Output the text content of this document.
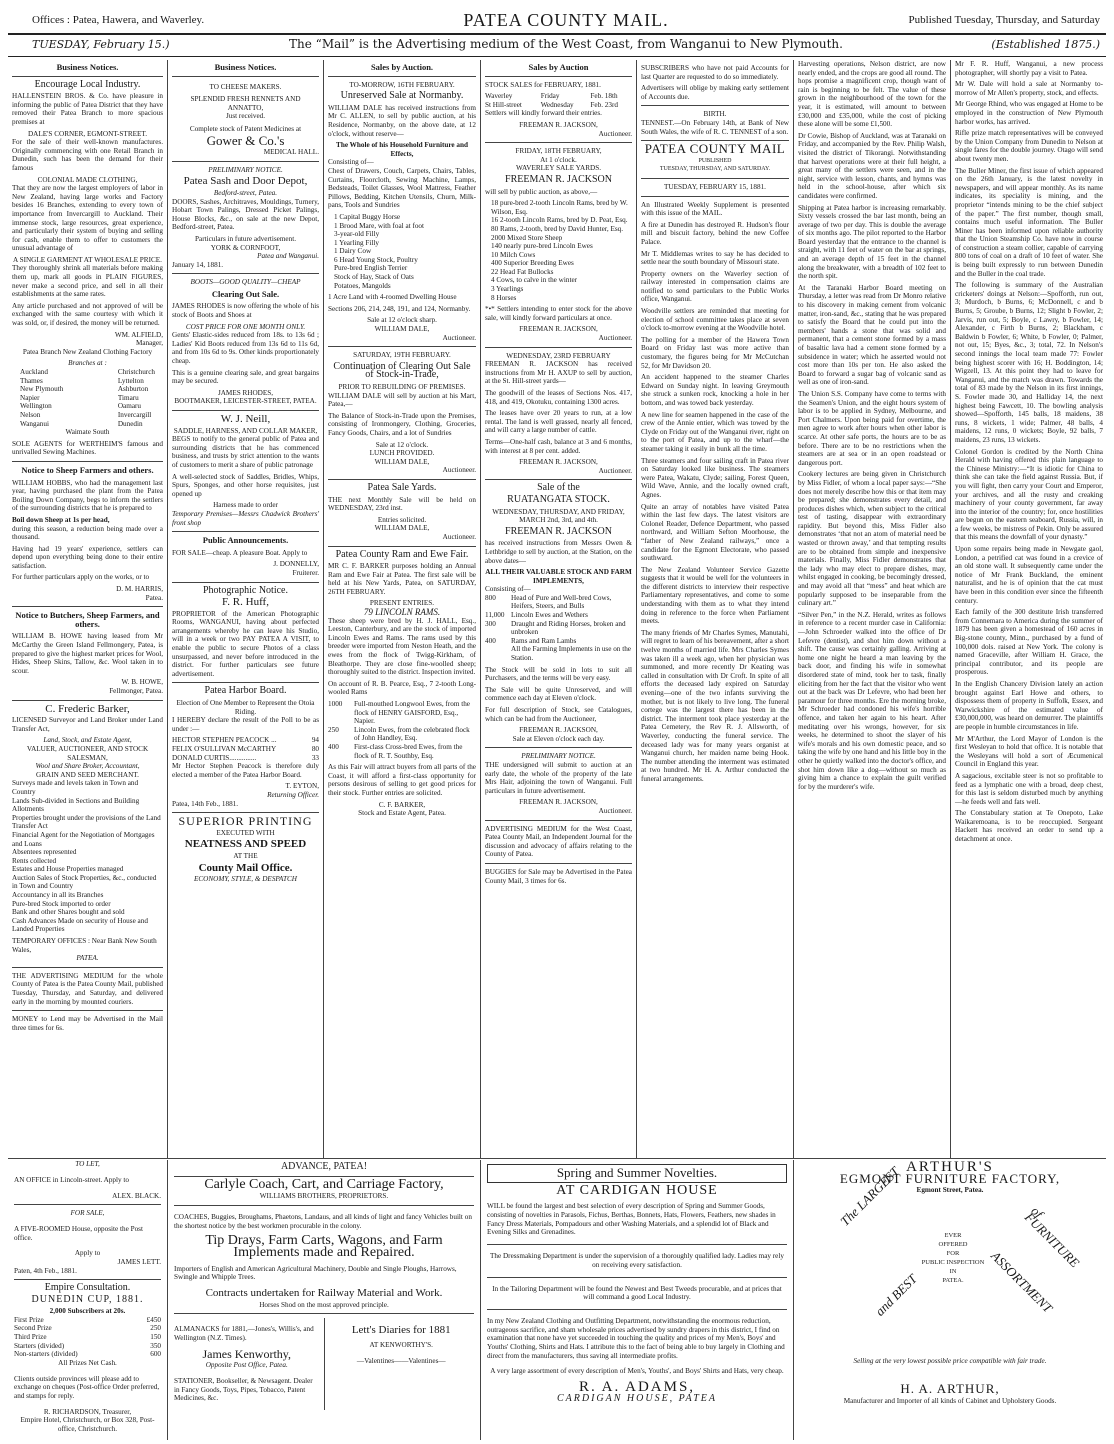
Offices : Patea, Hawera, and Waverley.	PATEA COUNTY MAIL.	Published Tuesday, Thursday, and Saturday
TUESDAY, February 15.)	The “Mail” is the Advertising medium of the West Coast, from Wanganui to New Plymouth.	(Established 1875.)
Business Notices.
Encourage Local Industry.

HALLENSTEIN BROS. & Co. have pleasure in informing the public of Patea District that they have removed their Patea Branch to more spacious premises at

DALE'S CORNER, EGMONT-STREET.

For the sale of their well-known manufactures. Originally commencing with one Retail Branch in Dunedin, such has been the demand for their famous

COLONIAL MADE CLOTHING,

That they are now the largest employers of labor in New Zealand, having large works and Factory besides 16 Branches, extending to every town of importance from Invercargill to Auckland. Their immense stock, large resources, great experience, and particularly their system of buying and selling for cash, enable them to offer to customers the unusual advantage of

A SINGLE GARMENT AT WHOLESALE PRICE.

They thoroughly shrink all materials before making them up, mark all goods in PLAIN FIGURES, never make a second price, and sell in all their establishments at the same rates.

Any article purchased and not approved of will be exchanged with the same courtesy with which it was sold, or, if desired, the money will be returned.

WM. ALFIELD,
Manager,
Patea Branch New Zealand Clothing Factory
Branches at :
Auckland
Thames
New Plymouth
Napier
Wellington
Nelson
Wanganui
Christchurch
Lyttelton
Ashburton
Timaru
Oamaru
Invercargill
Dunedin
Waimate South

SOLE AGENTS for WERTHEIM'S famous and unrivalled Sewing Machines.

Notice to Sheep Farmers and others.

WILLIAM HOBBS, who had the management last year, having purchased the plant from the Patea Boiling Down Company, begs to inform the settlers of the surrounding districts that he is prepared to

Boil down Sheep at 1s per head,

during this season, a reduction being made over a thousand.

Having had 19 years' experience, settlers can depend upon everything being done to their entire satisfaction.

For further particulars apply on the works, or to

D. M. HARRIS,
Patea.
Notice to Butchers, Sheep Farmers, and others.

WILLIAM B. HOWE having leased from Mr McCarthy the Green Island Fellmongery, Patea, is prepared to give the highest market prices for Wool, Hides, Sheep Skins, Tallow, &c. Wool taken in to scour.

W. B. HOWE,
Fellmonger, Patea.
C. Frederic Barker,

LICENSED Surveyor and Land Broker under Land Transfer Act,

Land, Stock, and Estate Agent,
VALUER, AUCTIONEER, AND STOCK SALESMAN,
Wool and Share Broker, Accountant,
GRAIN AND SEED MERCHANT.
Surveys made and levels taken in Town and Country
Lands Sub-divided in Sections and Building Allotments
Properties brought under the provisions of the Land Transfer Act
Financial Agent for the Negotiation of Mortgages and Loans
Absentees represented
Rents collected
Estates and House Properties managed
Auction Sales of Stock Properties, &c., conducted in Town and Country
Accountancy in all its Branches
Pure-bred Stock imported to order
Bank and other Shares bought and sold
Cash Advances Made on security of House and Landed Properties
TEMPORARY OFFICES : Near Bank New South Wales,
PATEA.

THE ADVERTISING MEDIUM for the whole County of Patea is the Patea County Mail, published Tuesday, Thursday, and Saturday, and delivered early in the morning by mounted couriers.

MONEY to Lend may be Advertised in the Mail three times for 6s.

Business Notices.
TO CHEESE MAKERS.
SPLENDID FRESH RENNETS AND ANNATTO,
Just received.
Complete stock of Patent Medicines at
Gower & Co.'s
MEDICAL HALL.
PRELIMINARY NOTICE.
Patea Sash and Door Depot,
Bedford-street, Patea.

DOORS, Sashes, Architraves, Mouldings, Turnery, Hobart Town Palings, Dressed Picket Palings, House Blocks, &c., on sale at the new Depot, Bedford-street, Patea.

Particulars in future advertisement.
YORK & CORNFOOT,
Patea and Wanganui.
January 14, 1881.
BOOTS—GOOD QUALITY—CHEAP
Clearing Out Sale.

JAMES RHODES is now offering the whole of his stock of Boots and Shoes at

COST PRICE FOR ONE MONTH ONLY.

Gents' Elastic-sides reduced from 18s. to 13s 6d ; Ladies' Kid Boots reduced from 13s 6d to 11s 6d, and from 10s 6d to 9s. Other kinds proportionately cheap.

This is a genuine clearing sale, and great bargains may be secured.

JAMES RHODES,
BOOTMAKER, LEICESTER-STREET, PATEA.
W. J. Neill,
SADDLE, HARNESS, AND COLLAR MAKER,

BEGS to notify to the general public of Patea and surrounding districts that he has commenced business, and trusts by strict attention to the wants of customers to merit a share of public patronage

A well-selected stock of Saddles, Bridles, Whips, Spurs, Sponges, and other horse requisites, just opened up

Harness made to order

Temporary Premises—Messrs Chadwick Brothers' front shop

Public Announcements.

FOR SALE—cheap. A pleasure Boat. Apply to

J. DONNELLY,
Fruiterer.
Photographic Notice.
F. R. Huff,

PROPRIETOR of the American Photographic Rooms, WANGANUI, having about perfected arrangements whereby he can leave his Studio, will in a week or two PAY PATEA A VISIT, to enable the public to secure Photos of a class unsurpassed, and never before introduced in the district. For further particulars see future advertisement.

Patea Harbor Board.
Election of One Member to Represent the Otoia Riding.

I HEREBY declare the result of the Poll to be as under :—

HECTOR STEPHEN PEACOCK ...	94
FELIX O'SULLIVAN McCARTHY	80
DONALD CURTIS...............	33

Mr Hector Stephen Peacock is therefore duly elected a member of the Patea Harbor Board.

T. EYTON,
Returning Officer.
Patea, 14th Feb., 1881.
SUPERIOR PRINTING
EXECUTED WITH
NEATNESS AND SPEED
AT THE
County Mail Office.
ECONOMY, STYLE, & DESPATCH
Sales by Auction.
TO-MORROW, 16TH FEBRUARY.
Unreserved Sale at Normanby.

WILLIAM DALE has received instructions from Mr C. ALLEN, to sell by public auction, at his Residence, Normanby, on the above date, at 12 o'clock, without reserve—

The Whole of his Household Furniture and Effects,
Consisting of—

Chest of Drawers, Couch, Carpets, Chairs, Tables, Curtains, Floorcloth, Sewing Machine, Lamps, Bedsteads, Toilet Glasses, Wool Mattress, Feather Pillows, Bedding, Kitchen Utensils, Churn, Milk-pans, Tools and Sundries

1 Capital Buggy Horse
1 Brood Mare, with foal at foot
3-year-old Filly
1 Yearling Filly
1 Dairy Cow
6 Head Young Stock, Poultry
Pure-bred English Terrier
Stock of Hay, Stack of Oats
Potatoes, Mangolds

1 Acre Land with 4-roomed Dwelling House

Sections 206, 214, 248, 191, and 124, Normanby.

Sale at 12 o'clock sharp.
WILLIAM DALE,
Auctioneer.
SATURDAY, 19TH FEBRUARY.
Continuation of Clearing Out Sale of Stock-in-Trade,
PRIOR TO REBUILDING OF PREMISES.

WILLIAM DALE will sell by auction at his Mart, Patea,—

The Balance of Stock-in-Trade upon the Premises, consisting of Ironmongery, Clothing, Groceries, Fancy Goods, Chairs, and a lot of Sundries

Sale at 12 o'clock.
LUNCH PROVIDED.
WILLIAM DALE,
Auctioneer.
Patea Sale Yards.

THE next Monthly Sale will be held on WEDNESDAY, 23rd inst.

Entries solicited.
WILLIAM DALE,
Auctioneer.
Patea County Ram and Ewe Fair.

MR C. F. BARKER purposes holding an Annual Ram and Ewe Fair at Patea. The first sale will be held at his New Yards, Patea, on SATURDAY, 26TH FEBRUARY.

PRESENT ENTRIES.
79 LINCOLN RAMS.

These sheep were bred by H. J. HALL, Esq., Leeston, Canterbury, and are the stock of imported Lincoln Ewes and Rams. The rams used by this breeder were imported from Neston Heath, and the ewes from the flock of Twigg-Kirkham, of Bleathorpe. They are close fine-woolled sheep; thoroughly suited to the district. Inspection invited.

On account of R. B. Pearce, Esq., 7 2-tooth Long-wooled Rams

1000	Full-mouthed Longwool Ewes, from the flock of HENRY GAISFORD, Esq., Napier.
250	Lincoln Ewes, from the celebrated flock of John Handley, Esq.
400	First-class Cross-bred Ewes, from the flock of R. T. Southby, Esq.

As this Fair will attract buyers from all parts of the Coast, it will afford a first-class opportunity for persons desirous of selling to get good prices for their stock. Further entries are solicited.

C. F. BARKER,
Stock and Estate Agent, Patea.
Sales by Auction

STOCK SALES for FEBRUARY, 1881.

Waverley	Friday	Feb. 18th
St Hill-street	Wednesday	Feb. 23rd

Settlers will kindly forward their entries.

FREEMAN R. JACKSON,
Auctioneer.
FRIDAY, 18TH FEBRUARY,
At 1 o'clock.
WAVERLEY SALE YARDS.
FREEMAN R. JACKSON

will sell by public auction, as above,—

18 pure-bred 2-tooth Lincoln Rams, bred by W. Wilson, Esq.
16 2-tooth Lincoln Rams, bred by D. Peat, Esq.
80 Rams, 2-tooth, bred by David Hunter, Esq.
2000 Mixed Store Sheep
140 nearly pure-bred Lincoln Ewes
10 Milch Cows
400 Superior Breeding Ewes
22 Head Fat Bullocks
4 Cows, to calve in the winter
3 Yearlings
8 Horses

*•* Settlers intending to enter stock for the above sale, will kindly forward particulars at once.

FREEMAN R. JACKSON,
Auctioneer.
WEDNESDAY, 23RD FEBRUARY

FREEMAN R. JACKSON has received instructions from Mr H. AXUP to sell by auction, at the St. Hill-street yards—

The goodwill of the leases of Sections Nos. 417, 418, and 419, Okotuku, containing 1300 acres.

The leases have over 20 years to run, at a low rental. The land is well grassed, nearly all fenced, and will carry a large number of cattle.

Terms—One-half cash, balance at 3 and 6 months, with interest at 8 per cent. added.

FREEMAN R. JACKSON,
Auctioneer.
Sale of the
RUATANGATA STOCK.
WEDNESDAY, THURSDAY, AND FRIDAY,
MARCH 2nd, 3rd, and 4th.
FREEMAN R. JACKSON

has received instructions from Messrs Owen & Lethbridge to sell by auction, at the Station, on the above dates—

ALL THEIR VALUABLE STOCK AND FARM IMPLEMENTS,
Consisting of—
800	Head of Pure and Well-bred Cows, Heifers, Steers, and Bulls
11,000 Lincoln Ewes and Wethers
300	Draught and Riding Horses, broken and unbroken
400	Rams and Ram Lambs
All the Farming Implements in use on the Station.

The Stock will be sold in lots to suit all Purchasers, and the terms will be very easy.

The Sale will be quite Unreserved, and will commence each day at Eleven o'clock.

For full description of Stock, see Catalogues, which can be had from the Auctioneer,

FREEMAN R. JACKSON,
Sale at Eleven o'clock each day.
PRELIMINARY NOTICE.

THE undersigned will submit to auction at an early date, the whole of the property of the late Mrs Hair, adjoining the town of Wanganui. Full particulars in future advertisement.

FREEMAN R. JACKSON,
Auctioneer.

ADVERTISING MEDIUM for the West Coast, Patea County Mail, an Independent Journal for the discussion and advocacy of affairs relating to the County of Patea.

BUGGIES for Sale may be Advertised in the Patea County Mail, 3 times for 6s.

SUBSCRIBERS who have not paid Accounts for last Quarter are requested to do so immediately.

Advertisers will oblige by making early settlement of Accounts due.

BIRTH.

TENNEST.—On February 14th, at Bank of New South Wales, the wife of R. C. TENNEST of a son.

PATEA COUNTY MAIL
PUBLISHED
TUESDAY, THURSDAY, AND SATURDAY.
TUESDAY, FEBRUARY 15, 1881.

An Illustrated Weekly Supplement is presented with this issue of the MAIL.

A fire at Dunedin has destroyed R. Hudson's flour mill and biscuit factory, behind the new Coffee Palace.

Mr T. Middlemas writes to say he has decided to settle near the south boundary of Missouri state.

Property owners on the Waverley section of railway interested in compensation claims are notified to send particulars to the Public Works office, Wanganui.

Woodville settlers are reminded that meeting for election of school committee takes place at seven o'clock to-morrow evening at the Woodville hotel.

The polling for a member of the Hawera Town Board on Friday last was more active than customary, the figures being for Mr McCutchan 52, for Mr Davidson 20.

An accident happened to the steamer Charles Edward on Sunday night. In leaving Greymouth she struck a sunken rock, knocking a hole in her bottom, and was towed back yesterday.

A new line for seamen happened in the case of the crew of the Annie entier, which was towed by the Clyde on Friday out of the Wanganui river, right on to the port of Patea, and up to the wharf—the steamer taking it easily in bunk all the time.

Three steamers and four sailing craft in Patea river on Saturday looked like business. The steamers were Patea, Wakatu, Clyde; sailing, Forest Queen, Wild Wave, Annie, and the locally owned craft, Agnes.

Quite an array of notables have visited Patea within the last few days. The latest visitors are Colonel Reader, Defence Department, who passed northward, and William Sefton Moorhouse, the “father of New Zealand railways,” once a candidate for the Egmont Electorate, who passed southward.

The New Zealand Volunteer Service Gazette suggests that it would be well for the volunteers in the different districts to interview their respective Parliamentary representatives, and come to some understanding with them as to what they intend doing in reference to the force when Parliament meets.

The many friends of Mr Charles Symes, Manutahi, will regret to learn of his bereavement, after a short twelve months of married life. Mrs Charles Symes was taken ill a week ago, when her physician was summoned, and more recently Dr Keating was called in consultation with Dr Croft. In spite of all efforts the deceased lady expired on Saturday evening—one of the two infants surviving the mother, but is not likely to live long. The funeral cortege was the largest there has been in the district. The interment took place yesterday at the Patea Cemetery, the Rev R. J. Allsworth, of Waverley, conducting the funeral service. The deceased lady was for many years organist at Wanganui church, her maiden name being Hook. The number attending the interment was estimated at two hundred. Mr H. A. Arthur conducted the funeral arrangements.

Harvesting operations, Nelson district, are now nearly ended, and the crops are good all round. The hops promise a magnificent crop, though want of rain is beginning to be felt. The value of these grown in the neighbourhood of the town for the year, it is estimated, will amount to between £30,000 and £35,000, while the cost of picking these alone will be some £1,500.

Dr Cowie, Bishop of Auckland, was at Taranaki on Friday, and accompanied by the Rev. Philip Walsh, visited the district of Tikorangi. Notwithstanding that harvest operations were at their full height, a great many of the settlers were seen, and in the night, service with lesson, chants, and hymns was held in the school-house, after which six candidates were confirmed.

Shipping at Patea harbor is increasing remarkably. Sixty vessels crossed the bar last month, being an average of two per day. This is double the average of six months ago. The pilot reported to the Harbor Board yesterday that the entrance to the channel is straight, with 11 feet of water on the bar at springs, and an average depth of 15 feet in the channel along the breakwater, with a breadth of 102 feet to the north spit.

At the Taranaki Harbor Board meeting on Thursday, a letter was read from Dr Monro relative to his discovery in making cement from volcanic matter, iron-sand, &c., stating that he was prepared to satisfy the Board that he could put into the members' hands a stone that was solid and permanent, that a cement stone formed by a mass of basaltic lava had a cement stone formed by a subsidence in water; which he asserted would not cost more than 10s per ton. He also asked the Board to forward a sugar bag of volcanic sand as well as one of iron-sand.

The Union S.S. Company have come to terms with the Seamen's Union, and the eight hours system of labor is to be applied in Sydney, Melbourne, and Port Chalmers. Upon being paid for overtime, the men agree to work after hours when other labor is scarce. At other safe ports, the hours are to be as before. There are to be no restrictions when the steamers are at sea or in an open roadstead or dangerous port.

Cookery lectures are being given in Christchurch by Miss Fidler, of whom a local paper says:—“She does not merely describe how this or that item may be prepared; she demonstrates every detail, and produces dishes which, when subject to the critical test of tasting, disappear with extraordinary rapidity. But beyond this, Miss Fidler also demonstrates ‘that not an atom of material need be wasted or thrown away,’ and that tempting results are to be obtained from simple and inexpensive materials. Finally, Miss Fidler demonstrates that the lady who may elect to prepare dishes, may, whilst engaged in cooking, be becomingly dressed, and may avoid all that “mess” and heat which are popularly supposed to be inseparable from the culinary art.”

“Silver Pen,” in the N.Z. Herald, writes as follows in reference to a recent murder case in California:—John Schroeder walked into the office of Dr Lefevre (dentist), and shot him down without a shift. The cause was certainly galling. Arriving at home one night he heard a man leaving by the back door, and finding his wife in somewhat disordered state of mind, took her to task, finally eliciting from her the fact that the visitor who went out at the back was Dr Lefevre, who had been her paramour for three months. Ere the morning broke, Mr Schroeder had condoned his wife's horrible offence, and taken her again to his heart. After meditating over his wrongs, however, for six weeks, he determined to shoot the slayer of his wife's morals and his own domestic peace, and so taking the wife by one hand and his little boy in the other he quietly walked into the doctor's office, and shot him down like a dog—without so much as giving him a chance to explain the guilt verified for by the murderer's wife.

Mr F. R. Huff, Wanganui, a new process photographer, will shortly pay a visit to Patea.

Mr W. Dale will hold a sale at Normanby to-morrow of Mr Allen's property, stock, and effects.

Mr George Rhind, who was engaged at Home to be employed in the construction of New Plymouth harbor works, has arrived.

Rifle prize match representatives will be conveyed by the Union Company from Dunedin to Nelson at single fares for the double journey. Otago will send about twenty men.

The Buller Miner, the first issue of which appeared on the 26th January, is the latest novelty in newspapers, and will appear monthly. As its name indicates, its speciality is mining, and the proprietor “intends mining to be the chief subject of the paper.” The first number, though small, contains much useful information. The Buller Miner has been informed upon reliable authority that the Union Steamship Co. have now in course of construction a steam collier, capable of carrying 800 tons of coal on a draft of 10 feet of water. She is being built expressly to run between Dunedin and the Buller in the coal trade.

The following is summary of the Australian cricketers' doings at Nelson:—Spofforth, run out, 3; Murdoch, b Burns, 6; McDonnell, c and b Burns, 5; Groube, b Burns, 12; Slight b Fowler, 2; Jarvis, run out, 5; Boyle, c Lawry, b Fowler, 14; Alexander, c Firth b Burns, 2; Blackham, c Baldwin b Fowler, 6; White, b Fowler, 0; Palmer, not out, 15; Byes, &c., 3; total, 72. In Nelson's second innings the local team made 77: Fowler being highest scorer with 16; H. Boddington, 14; Wigzell, 13. At this point they had to leave for Wanganui, and the match was drawn. Towards the total of 83 made by the Nelson in its first innings, S. Fowler made 30, and Halliday 14, the next highest being Fawcett, 10. The bowling analysis showed—Spofforth, 145 balls, 18 maidens, 38 runs, 8 wickets, 1 wide; Palmer, 48 balls, 4 maidens, 12 runs, 0 wickets; Boyle, 92 balls, 7 maidens, 23 runs, 13 wickets.

Colonel Gordon is credited by the North China Herald with having offered this plain language to the Chinese Ministry:—“It is idiotic for China to think she can take the field against Russia. But, if you will fight, then carry your Court and Emperor, your archives, and all the rusty and creaking machinery of your county government, far away into the interior of the country; for, once hostilities are begun on the eastern seaboard, Russia, will, in a few weeks, be mistress of Pekin. Only be assured that this means the downfall of your dynasty.”

Upon some repairs being made in Newgate gaol, London, a petrified cat was found in a crevice of an old stone wall. It subsequently came under the notice of Mr Frank Buckland, the eminent naturalist, and he is of opinion that the cat must have been in this condition ever since the fifteenth century.

Each family of the 300 destitute Irish transferred from Connemara to America during the summer of 1879 has been given a homestead of 160 acres in Big-stone county, Minn., purchased by a fund of 100,000 dols. raised at New York. The colony is named Graceville, after William H. Grace, the principal contributor, and its people are prosperous.

In the English Chancery Division lately an action brought against Earl Howe and others, to dispossess them of property in Suffolk, Essex, and Warwickshire of the estimated value of £30,000,000, was heard on demurrer. The plaintiffs are people in humble circumstances in life.

Mr M'Arthur, the Lord Mayor of London is the first Wesleyan to hold that office. It is notable that the Wesleyans will hold a sort of Æcumenical Council in England this year.

A sagacious, excitable steer is not so profitable to feed as a lymphatic one with a broad, deep chest, for this last is seldom disturbed much by anything—he feeds well and fats well.

The Constabulary station at Te Onepoto, Lake Waikaremoana, is to be reoccupied. Sergeant Hackett has received an order to send up a detachment at once.

TO LET,

AN OFFICE in Lincoln-street. Apply to

ALEX. BLACK.
FOR SALE,

A FIVE-ROOMED House, opposite the Post office.

Apply to
JAMES LETT.
Paten, 4th Feb., 1881.
Empire Consultation.
DUNEDIN CUP, 1881.
2,000 Subscribers at 20s.
First Prize	£450
Second Prize	250
Third Prize	150
Starters (divided)	350
Non-starters (divided)	600
All Prizes Net Cash.

Clients outside provinces will please add to exchange on cheques (Post-office Order preferred, and stamps for reply.

R. RICHARDSON, Treasurer,
Empire Hotel, Christchurch, or Box 328, Post-office, Christchurch.
ADVANCE, PATEA!
Carlyle Coach, Cart, and Carriage Factory,
WILLIAMS BROTHERS, PROPRIETORS.

COACHES, Buggies, Broughams, Phaetons, Landaus, and all kinds of light and fancy Vehicles built on the shortest notice by the best workmen procurable in the colony.

Tip Drays, Farm Carts, Wagons, and Farm
Implements made and Repaired.

Importers of English and American Agricultural Machinery, Double and Single Ploughs, Harrows, Swingle and Whipple Trees.

Contracts undertaken for Railway Material and Work.
Horses Shod on the most approved principle.

ALMANACKS for 1881,—Jones's, Willis's, and Wellington (N.Z. Times).

James Kenworthy,
Opposite Post Office, Patea.

STATIONER, Bookseller, & Newsagent. Dealer in Fancy Goods, Toys, Pipes, Tobacco, Patent Medicines, &c.

Lett's Diaries for 1881
AT KENWORTHY'S.
—Valentines——Valentines—
Spring and Summer Novelties.
AT CARDIGAN HOUSE

WILL be found the largest and best selection of every description of Spring and Summer Goods, consisting of novelties in Parasols, Fichus, Berthas, Bonnets, Hats, Flowers, Feathers, new shades in Fancy Dress Materials, Pompadours and other Washing Materials, and a splendid lot of Black and Evening Silks and Grenadines.

The Dressmaking Department is under the supervision of a thoroughly qualified lady. Ladies may rely on receiving every satisfaction.

In the Tailoring Department will be found the Newest and Best Tweeds procurable, and at prices that will command a good Local Industry.

In my New Zealand Clothing and Outfitting Department, notwithstanding the enormous reduction, outrageous sacrifice, and sham wholesale prices advertised by sundry drapers in this district, I find on examination that none have yet succeeded in touching the quality and prices of my Men's, Boys' and Youths' Clothing, Shirts and Hats. I attribute this to the fact of being able to buy largely in Clothing and direct from the manufacturers, thus saving all intermediate profits.

A very large assortment of every description of Men's, Youths', and Boys' Shirts and Hats, very cheap.

R. A. ADAMS,
CARDIGAN HOUSE, PATEA
ARTHUR'S
EGMONT FURNITURE FACTORY,
Egmont Street, Patea.
The LARGEST
and BEST
EVER
OFFERED
FOR
PUBLIC INSPECTION
IN
PATEA.	ASSORTMENT
of FURNITURE
Selling at the very lowest possible price compatible with fair trade.
H. A. ARTHUR,
Manufacturer and Importer of all kinds of Cabinet and Upholstery Goods.
